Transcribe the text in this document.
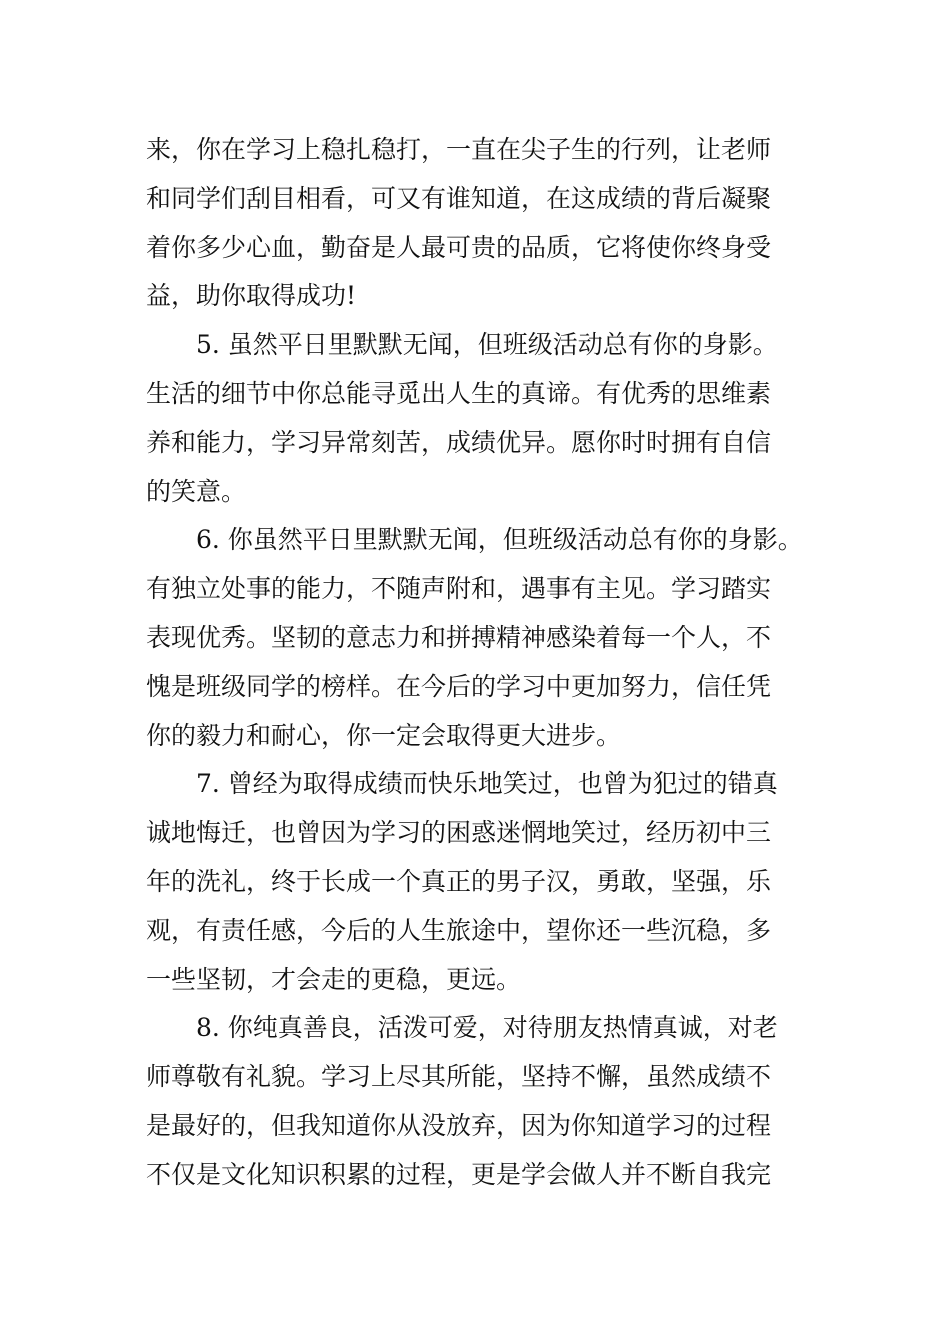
来，你在学习上稳扎稳打，一直在尖子生的行列，让老师
和同学们刮目相看，可又有谁知道，在这成绩的背后凝聚
着你多少心血，勤奋是人最可贵的品质，它将使你终身受
益，助你取得成功!
5. 虽然平日里默默无闻，但班级活动总有你的身影。
生活的细节中你总能寻觅出人生的真谛。有优秀的思维素
养和能力，学习异常刻苦，成绩优异。愿你时时拥有自信
的笑意。
6. 你虽然平日里默默无闻，但班级活动总有你的身影。
有独立处事的能力，不随声附和，遇事有主见。学习踏实
表现优秀。坚韧的意志力和拼搏精神感染着每一个人，不
愧是班级同学的榜样。在今后的学习中更加努力，信任凭
你的毅力和耐心，你一定会取得更大进步。
7. 曾经为取得成绩而快乐地笑过，也曾为犯过的错真
诚地悔迁，也曾因为学习的困惑迷惘地笑过，经历初中三
年的洗礼，终于长成一个真正的男子汉，勇敢，坚强，乐
观，有责任感，今后的人生旅途中，望你还一些沉稳，多
一些坚韧，才会走的更稳，更远。
8. 你纯真善良，活泼可爱，对待朋友热情真诚，对老
师尊敬有礼貌。学习上尽其所能，坚持不懈，虽然成绩不
是最好的，但我知道你从没放弃，因为你知道学习的过程
不仅是文化知识积累的过程，更是学会做人并不断自我完
